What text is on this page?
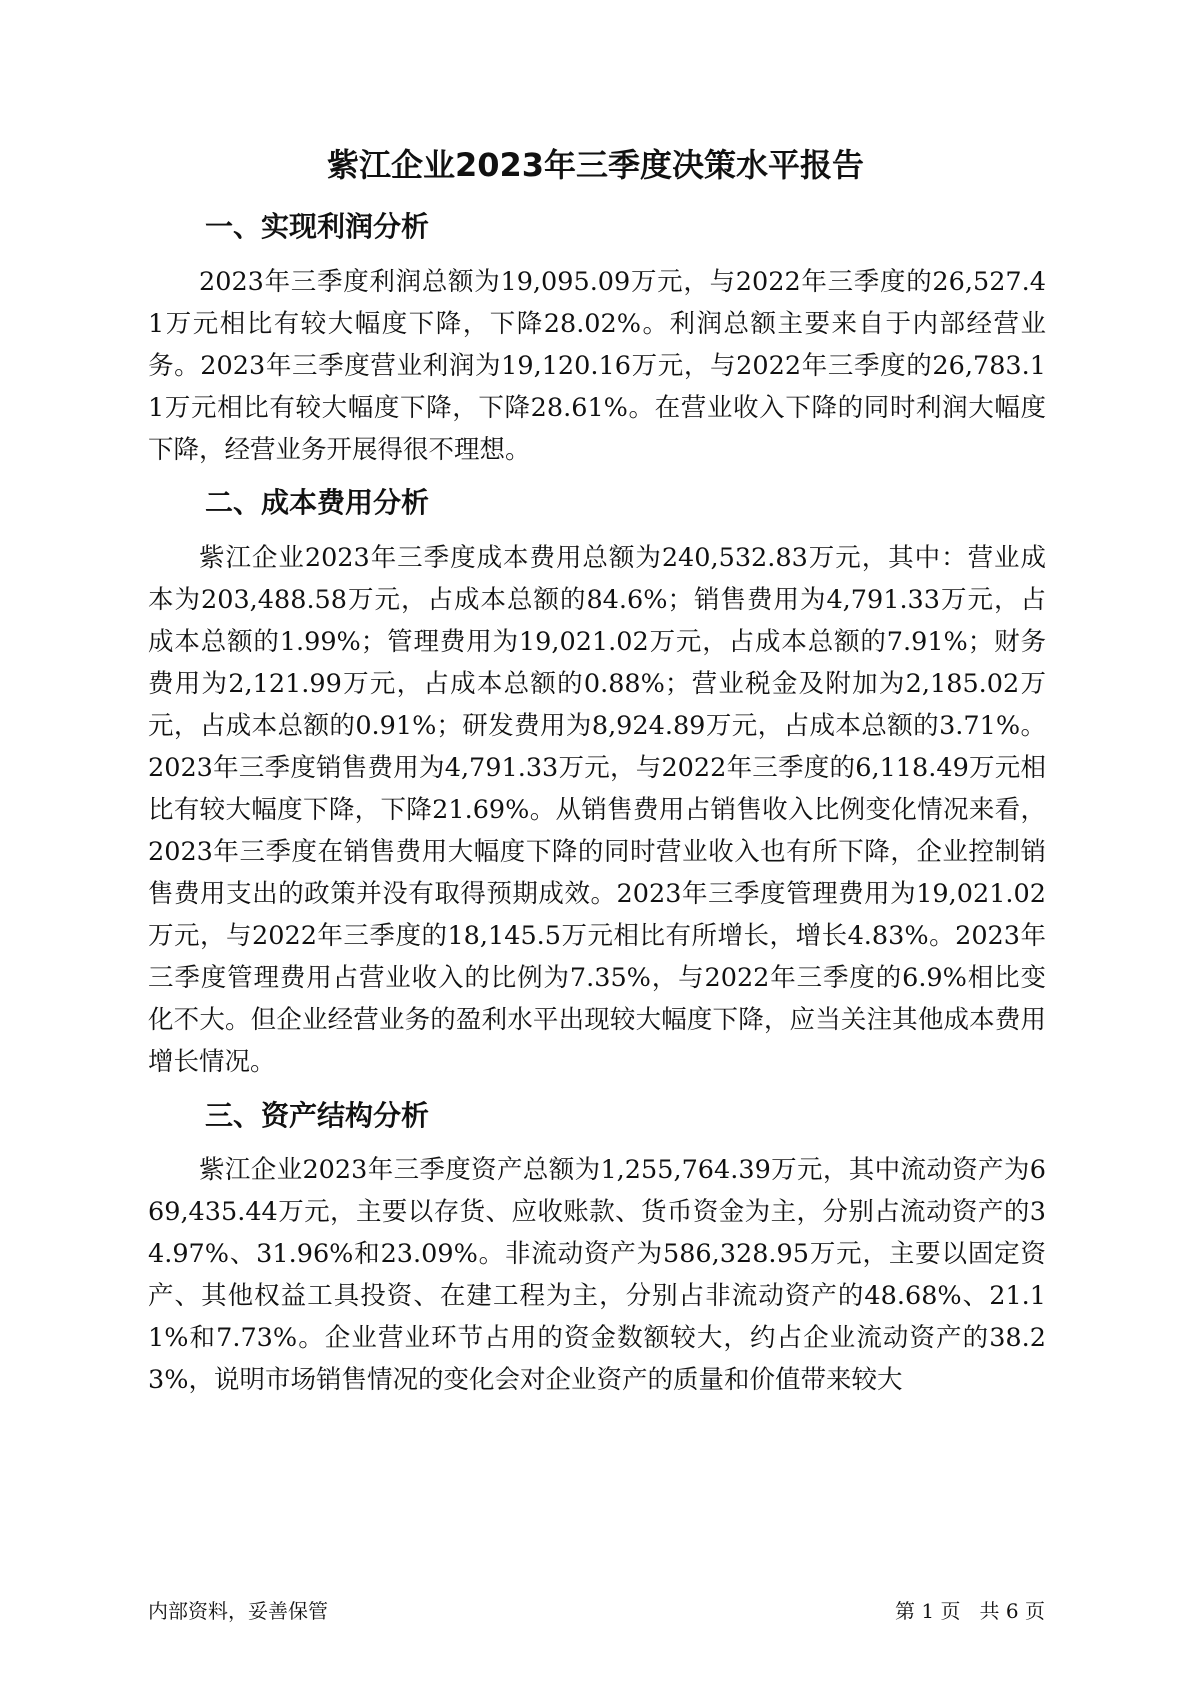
紫江企业2023年三季度决策水平报告
一、实现利润分析

2023年三季度利润总额为19,095.09万元，与2022年三季度的26,527.41万元相比有较大幅度下降，下降28.02%。利润总额主要来自于内部经营业务。2023年三季度营业利润为19,120.16万元，与2022年三季度的26,783.11万元相比有较大幅度下降，下降28.61%。在营业收入下降的同时利润大幅度下降，经营业务开展得很不理想。

二、成本费用分析

紫江企业2023年三季度成本费用总额为240,532.83万元，其中：营业成本为203,488.58万元，占成本总额的84.6%；销售费用为4,791.33万元，占成本总额的1.99%；管理费用为19,021.02万元，占成本总额的7.91%；财务费用为2,121.99万元，占成本总额的0.88%；营业税金及附加为2,185.02万元，占成本总额的0.91%；研发费用为8,924.89万元，占成本总额的3.71%。2023年三季度销售费用为4,791.33万元，与2022年三季度的6,118.49万元相比有较大幅度下降，下降21.69%。从销售费用占销售收入比例变化情况来看，2023年三季度在销售费用大幅度下降的同时营业收入也有所下降，企业控制销售费用支出的政策并没有取得预期成效。2023年三季度管理费用为19,021.02万元，与2022年三季度的18,145.5万元相比有所增长，增长4.83%。2023年三季度管理费用占营业收入的比例为7.35%，与2022年三季度的6.9%相比变化不大。但企业经营业务的盈利水平出现较大幅度下降，应当关注其他成本费用增长情况。

三、资产结构分析

紫江企业2023年三季度资产总额为1,255,764.39万元，其中流动资产为669,435.44万元，主要以存货、应收账款、货币资金为主，分别占流动资产的34.97%、31.96%和23.09%。非流动资产为586,328.95万元，主要以固定资产、其他权益工具投资、在建工程为主，分别占非流动资产的48.68%、21.11%和7.73%。企业营业环节占用的资金数额较大，约占企业流动资产的38.23%，说明市场销售情况的变化会对企业资产的质量和价值带来较大

内部资料，妥善保管	第 1 页   共 6 页
